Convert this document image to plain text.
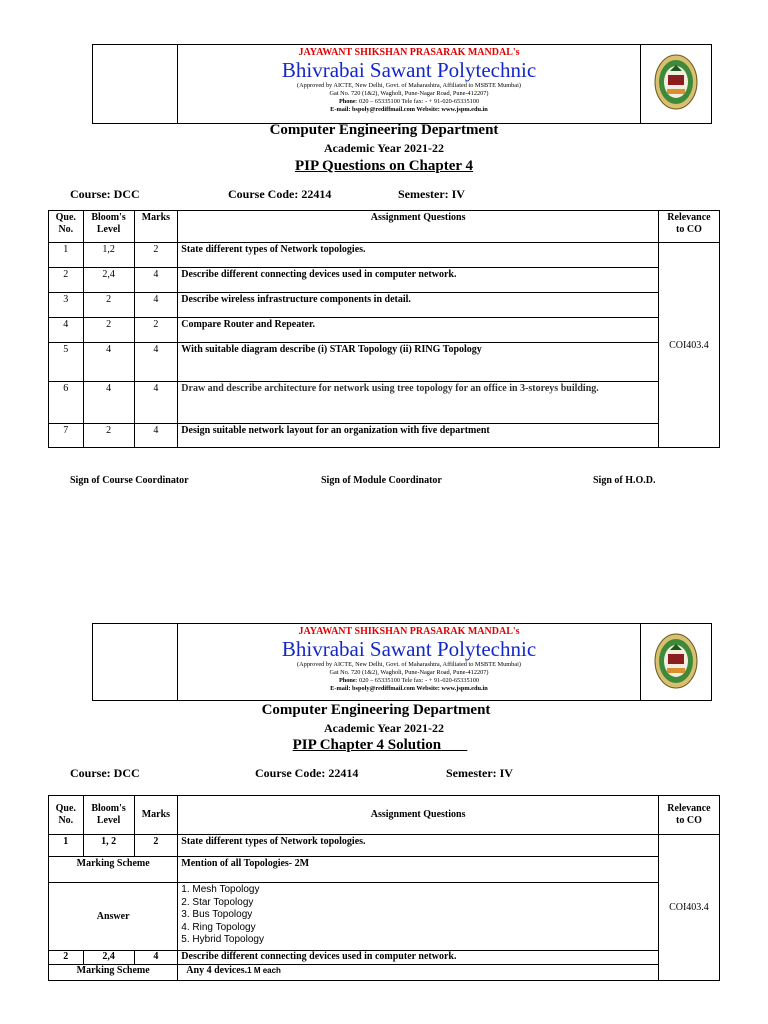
JAYAWANT SHIKSHAN PRASARAK MANDAL's
Bhivrabai Sawant Polytechnic
(Approved by AICTE, New Delhi, Govt. of Maharashtra, Affiliated to MSBTE Mumbai)
Gat No. 720 (1&2), Wagholi, Pune-Nagar Road, Pune-412207)
Phone: 020 – 65335100 Tele fax: - + 91-020-65335100
E-mail: bspoly@rediffmail.com Website: www.jspm.edu.in
Computer Engineering Department
Academic Year 2021-22
PIP Questions on Chapter 4
Course: DCC	Course Code: 22414	Semester: IV
Que. No.	Bloom's Level	Marks	Assignment Questions	Relevance to CO
1	1,2	2	State different types of Network topologies.	COI403.4
2	2,4	4	Describe different connecting devices used in computer network.	
3	2	4	Describe wireless infrastructure components in detail.	
4	2	2	Compare Router and Repeater.	
5	4	4	With suitable diagram describe (i) STAR Topology (ii) RING Topology	
6	4	4	Draw and describe architecture for network using tree topology for an office in 3-storeys building.	
7	2	4	Design suitable network layout for an organization with five department	
Sign of Course Coordinator	Sign of Module Coordinator	Sign of H.O.D.
JAYAWANT SHIKSHAN PRASARAK MANDAL's
Bhivrabai Sawant Polytechnic
(Approved by AICTE, New Delhi, Govt. of Maharashtra, Affiliated to MSBTE Mumbai)
Gat No. 720 (1&2), Wagholi, Pune-Nagar Road, Pune-412207)
Phone: 020 – 65335100 Tele fax: - + 91-020-65335100
E-mail: bspoly@rediffmail.com Website: www.jspm.edu.in
Computer Engineering Department
Academic Year 2021-22
PIP Chapter 4 Solution
Course: DCC	Course Code: 22414	Semester: IV
Que. No.	Bloom's Level	Marks	Assignment Questions	Relevance to CO
1	1, 2	2	State different types of Network topologies.	COI403.4
Marking Scheme			Mention of all Topologies- 2M	
Answer			1. Mesh Topology
2. Star Topology
3. Bus Topology
4. Ring Topology
5. Hybrid Topology	

2	2,4	4	Describe different connecting devices used in computer network.	
Marking Scheme			Any 4 devices.1 M each	
